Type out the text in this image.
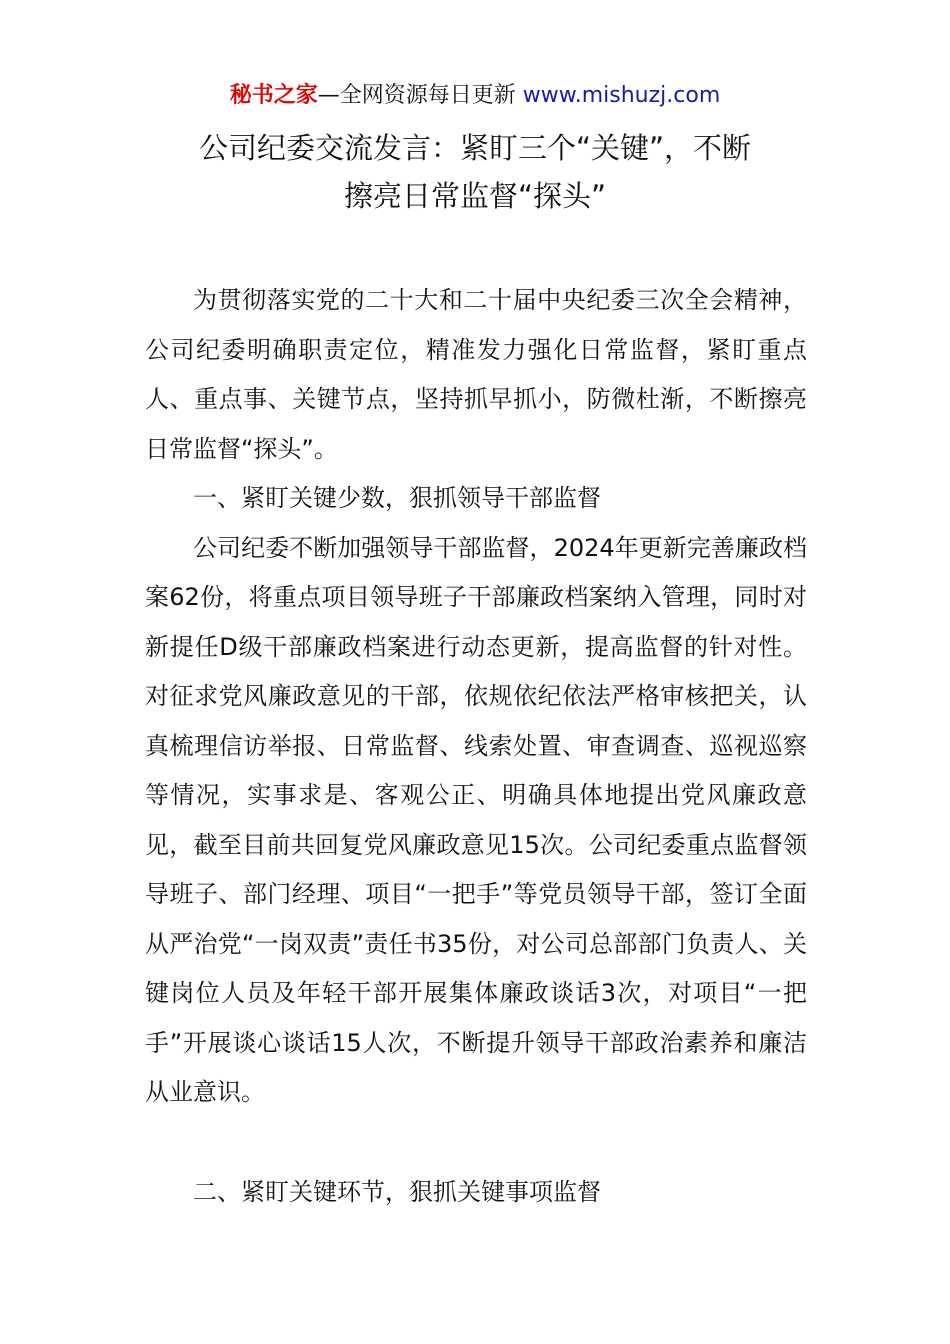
秘书之家—全网资源每日更新 www.mishuzj.com
公司纪委交流发言：紧盯三个“关键”，不断
擦亮日常监督“探头”

为贯彻落实党的二十大和二十届中央纪委三次全会精神，公司纪委明确职责定位，精准发力强化日常监督，紧盯重点人、重点事、关键节点，坚持抓早抓小，防微杜渐，不断擦亮日常监督“探头”。

一、紧盯关键少数，狠抓领导干部监督

公司纪委不断加强领导干部监督，2024年更新完善廉政档案62份，将重点项目领导班子干部廉政档案纳入管理，同时对新提任D级干部廉政档案进行动态更新，提高监督的针对性。对征求党风廉政意见的干部，依规依纪依法严格审核把关，认真梳理信访举报、日常监督、线索处置、审查调查、巡视巡察等情况，实事求是、客观公正、明确具体地提出党风廉政意见，截至目前共回复党风廉政意见15次。公司纪委重点监督领导班子、部门经理、项目“一把手”等党员领导干部，签订全面从严治党“一岗双责”责任书35份，对公司总部部门负责人、关键岗位人员及年轻干部开展集体廉政谈话3次，对项目“一把手”开展谈心谈话15人次，不断提升领导干部政治素养和廉洁从业意识。

二、紧盯关键环节，狠抓关键事项监督
